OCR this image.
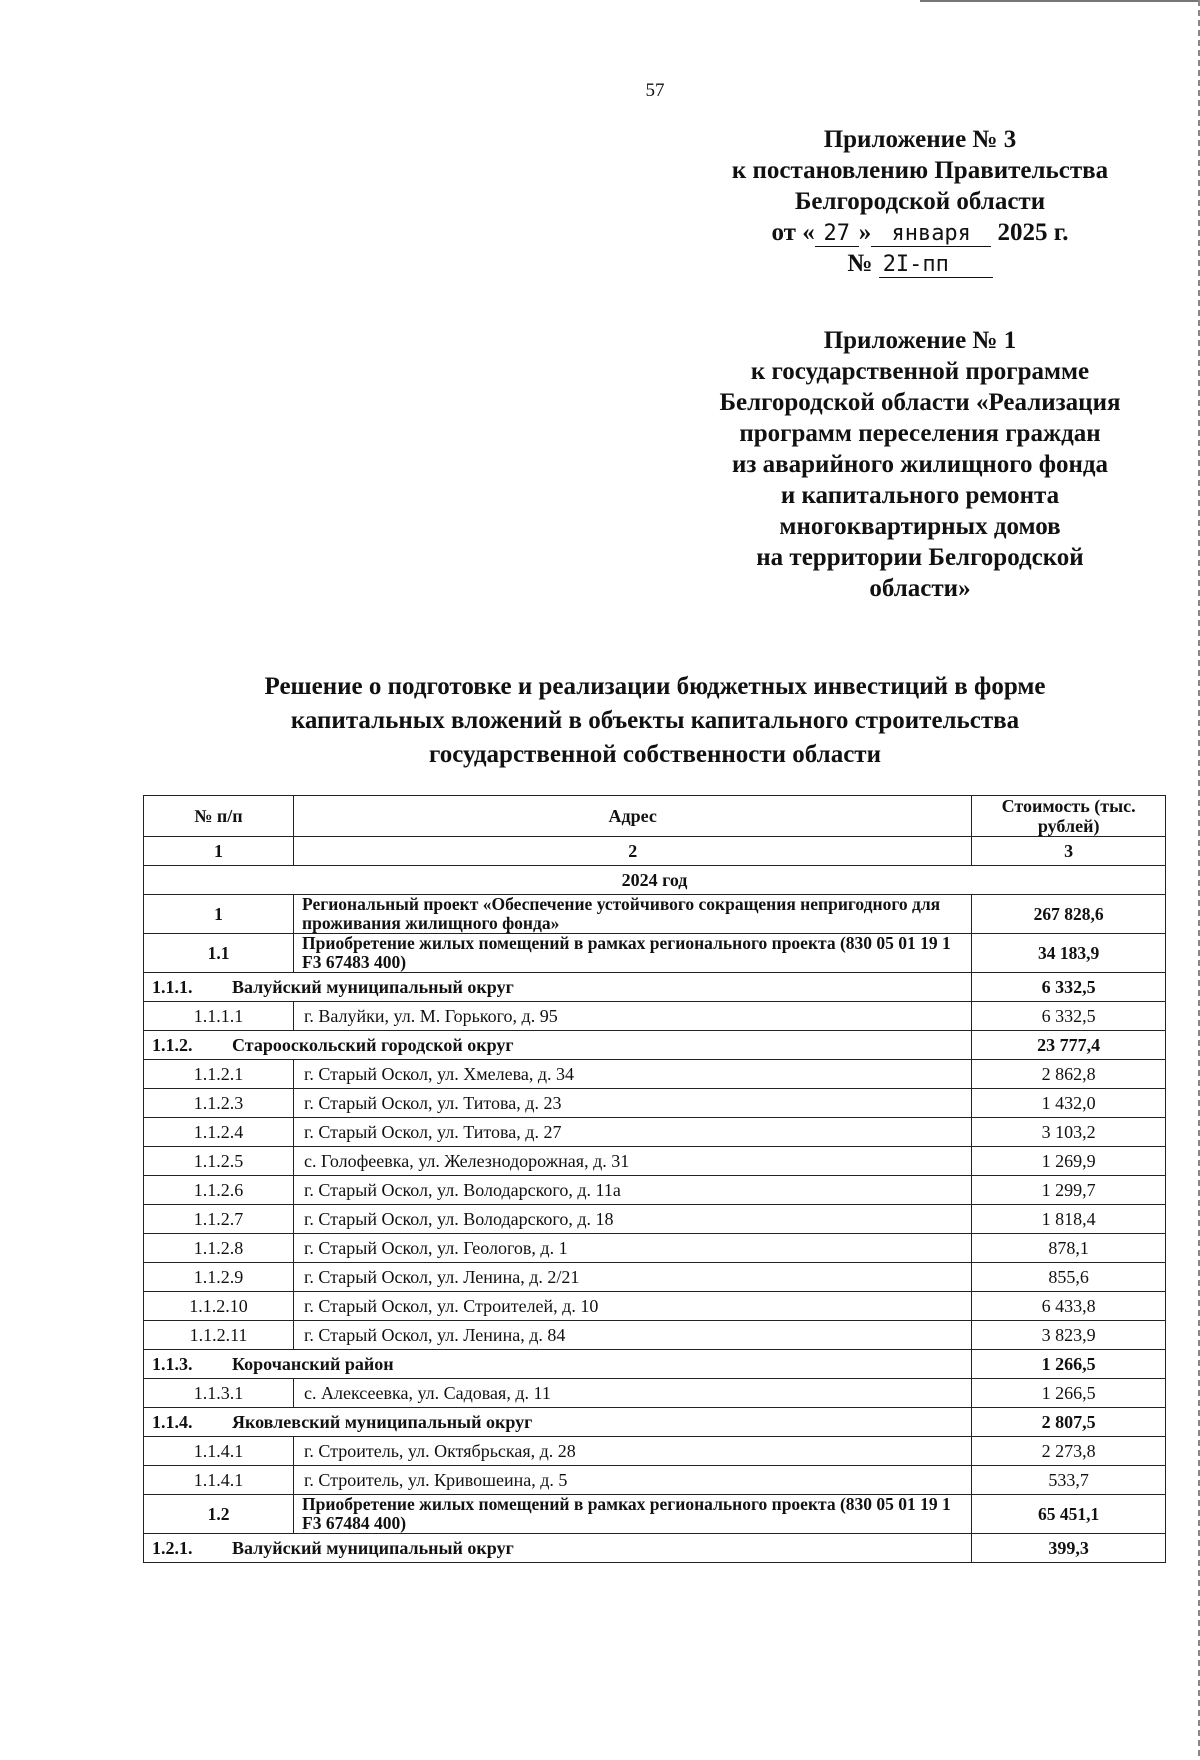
57
Приложение № 3
к постановлению Правительства
Белгородской области
от « 27 » января 2025 г.
№ 2I-пп
Приложение № 1
к государственной программе
Белгородской области «Реализация
программ переселения граждан
из аварийного жилищного фонда
и капитального ремонта
многоквартирных домов
на территории Белгородской
области»
Решение о подготовке и реализации бюджетных инвестиций в форме
капитальных вложений в объекты капитального строительства
государственной собственности области
№ п/п	Адрес	Стоимость (тыс. рублей)
1	2	3
2024 год		
1	Региональный проект «Обеспечение устойчивого сокращения непригодного для проживания жилищного фонда»	267 828,6
1.1	Приобретение жилых помещений в рамках регионального проекта (830 05 01 19 1 F3 67483 400)	34 183,9
1.1.1. Валуйский муниципальный округ		6 332,5
1.1.1.1	г. Валуйки, ул. М. Горького, д. 95	6 332,5
1.1.2. Старооскольский городской округ		23 777,4
1.1.2.1	г. Старый Оскол, ул. Хмелева, д. 34	2 862,8
1.1.2.3	г. Старый Оскол, ул. Титова, д. 23	1 432,0
1.1.2.4	г. Старый Оскол, ул. Титова, д. 27	3 103,2
1.1.2.5	с. Голофеевка, ул. Железнодорожная, д. 31	1 269,9
1.1.2.6	г. Старый Оскол, ул. Володарского, д. 11а	1 299,7
1.1.2.7	г. Старый Оскол, ул. Володарского, д. 18	1 818,4
1.1.2.8	г. Старый Оскол, ул. Геологов, д. 1	878,1
1.1.2.9	г. Старый Оскол, ул. Ленина, д. 2/21	855,6
1.1.2.10	г. Старый Оскол, ул. Строителей, д. 10	6 433,8
1.1.2.11	г. Старый Оскол, ул. Ленина, д. 84	3 823,9
1.1.3. Корочанский район		1 266,5
1.1.3.1	с. Алексеевка, ул. Садовая, д. 11	1 266,5
1.1.4. Яковлевский муниципальный округ		2 807,5
1.1.4.1	г. Строитель, ул. Октябрьская, д. 28	2 273,8
1.1.4.1	г. Строитель, ул. Кривошеина, д. 5	533,7
1.2	Приобретение жилых помещений в рамках регионального проекта (830 05 01 19 1 F3 67484 400)	65 451,1
1.2.1. Валуйский муниципальный округ		399,3
